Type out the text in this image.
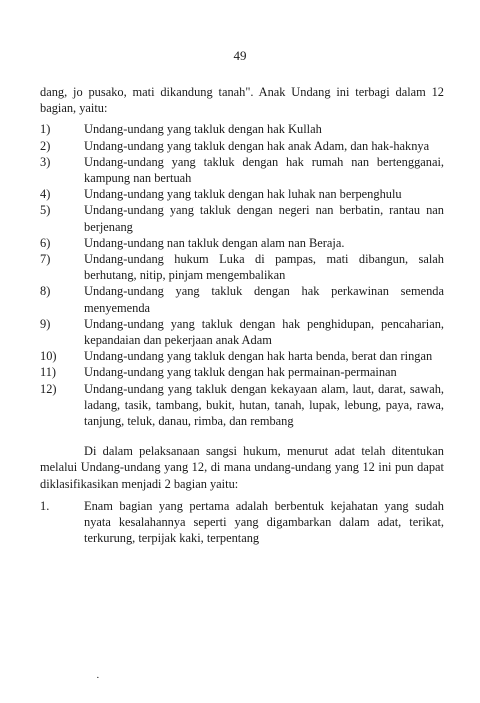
49

dang, jo pusako, mati dikandung tanah". Anak Undang ini terbagi dalam 12 bagian, yaitu:

1)	Undang-undang yang takluk dengan hak Kullah
2)	Undang-undang yang takluk dengan hak anak Adam, dan hak-haknya
3)	Undang-undang yang takluk dengan hak rumah nan bertengganai, kampung nan bertuah
4)	Undang-undang yang takluk dengan hak luhak nan berpenghulu
5)	Undang-undang yang takluk dengan negeri nan berbatin, rantau nan berjenang
6)	Undang-undang nan takluk dengan alam nan Beraja.
7)	Undang-undang hukum Luka di pampas, mati dibangun, salah berhutang, nitip, pinjam mengembalikan
8)	Undang-undang yang takluk dengan hak perkawinan semenda menyemenda
9)	Undang-undang yang takluk dengan hak penghidupan, pencaharian, kepandaian dan pekerjaan anak Adam
10)	Undang-undang yang takluk dengan hak harta benda, berat dan ringan
11)	Undang-undang yang takluk dengan hak permainan-permainan
12)	Undang-undang yang takluk dengan kekayaan alam, laut, darat, sawah, ladang, tasik, tambang, bukit, hutan, tanah, lupak, lebung, paya, rawa, tanjung, teluk, danau, rimba, dan rembang

Di dalam pelaksanaan sangsi hukum, menurut adat telah ditentukan melalui Undang-undang yang 12, di mana undang-undang yang 12 ini pun dapat diklasifikasikan menjadi 2 bagian yaitu:

1.	Enam bagian yang pertama adalah berbentuk kejahatan yang sudah nyata kesalahannya seperti yang digambarkan dalam adat, terikat, terkurung, terpijak kaki, terpentang
·
